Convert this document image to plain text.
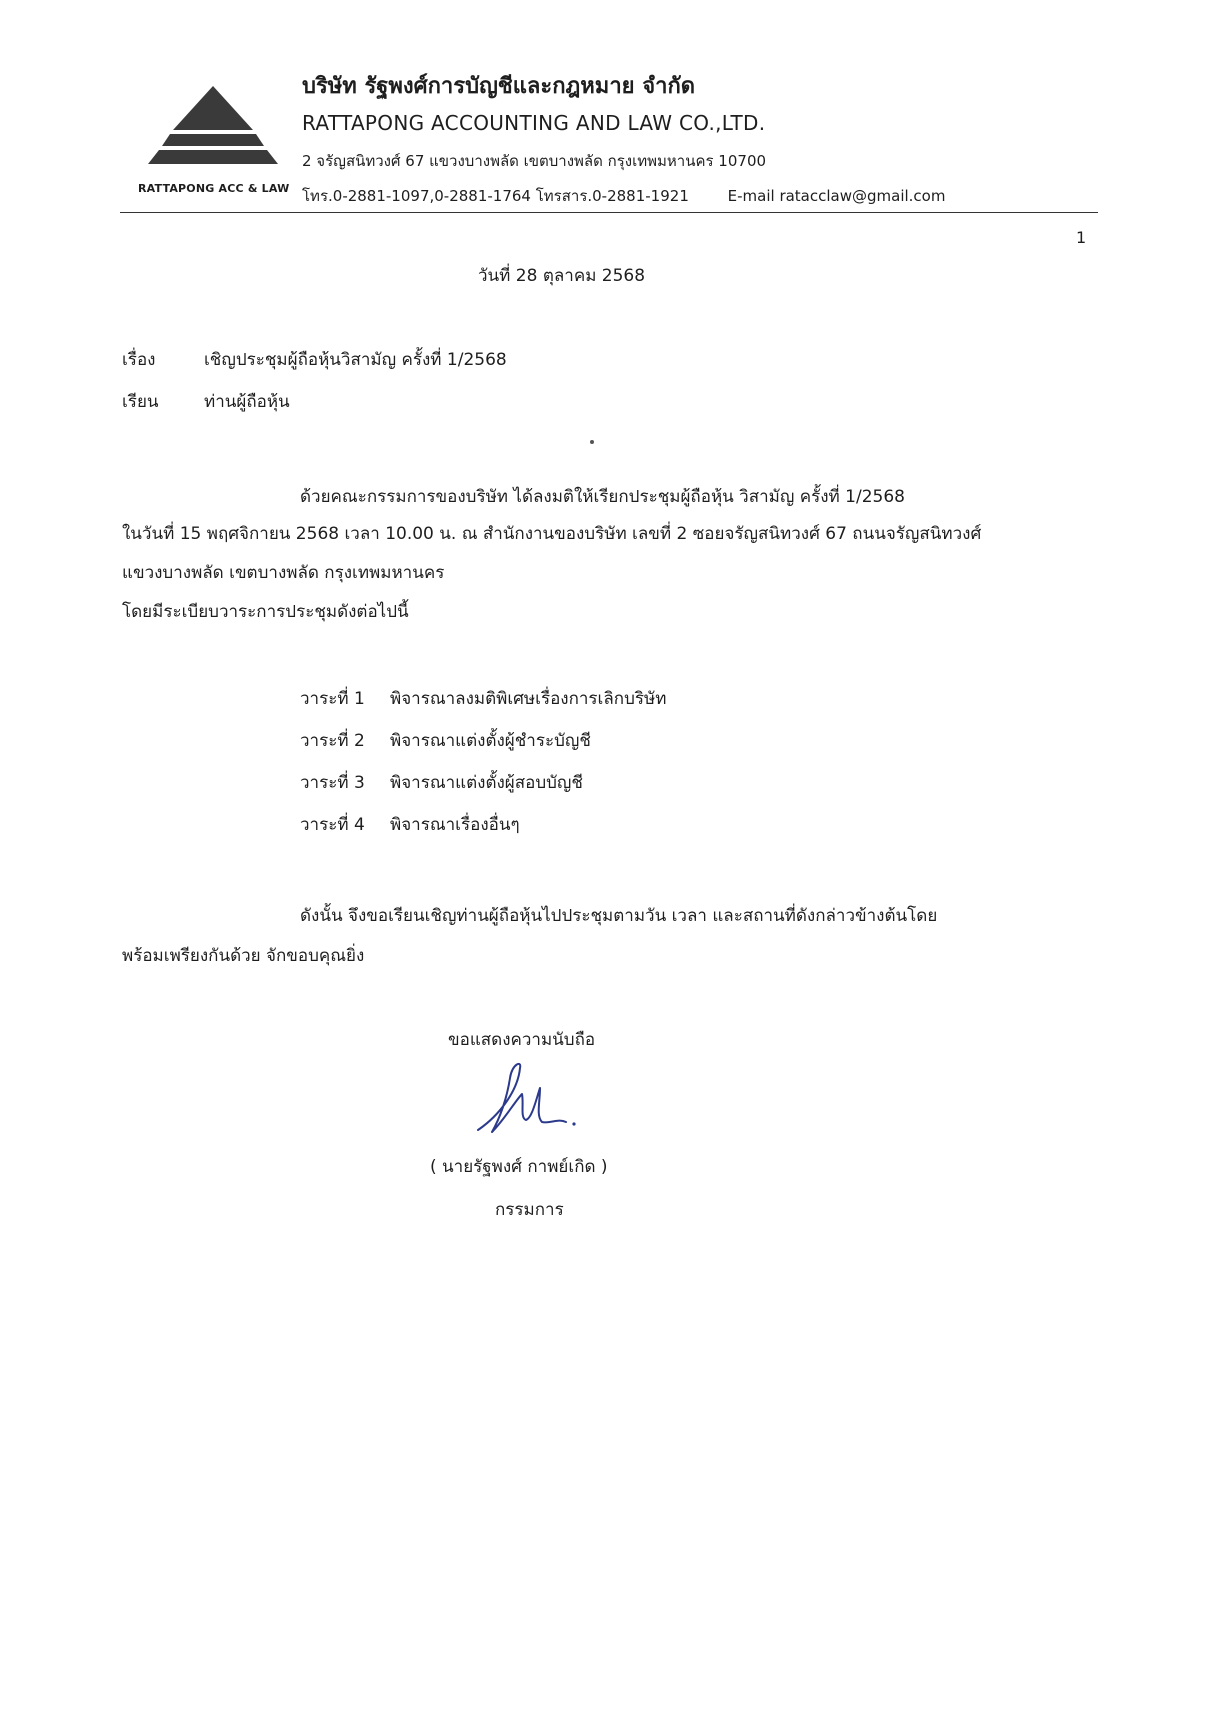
RATTAPONG ACC & LAW
บริษัท รัฐพงศ์การบัญชีและกฎหมาย จำกัด
RATTAPONG ACCOUNTING AND LAW CO.,LTD.
2 จรัญสนิทวงศ์ 67 แขวงบางพลัด เขตบางพลัด กรุงเทพมหานคร 10700
โทร.0-2881-1097,0-2881-1764 โทรสาร.0-2881-1921	E-mail ratacclaw@gmail.com
1
วันที่ 28 ตุลาคม 2568
เรื่อง	เชิญประชุมผู้ถือหุ้นวิสามัญ ครั้งที่ 1/2568
เรียน	ท่านผู้ถือหุ้น
ด้วยคณะกรรมการของบริษัท ได้ลงมติให้เรียกประชุมผู้ถือหุ้น วิสามัญ ครั้งที่ 1/2568
ในวันที่ 15 พฤศจิกายน 2568 เวลา 10.00 น. ณ สำนักงานของบริษัท เลขที่ 2 ซอยจรัญสนิทวงศ์ 67 ถนนจรัญสนิทวงศ์
แขวงบางพลัด เขตบางพลัด กรุงเทพมหานคร
โดยมีระเบียบวาระการประชุมดังต่อไปนี้
วาระที่ 1 พิจารณาลงมติพิเศษเรื่องการเลิกบริษัท
วาระที่ 2 พิจารณาแต่งตั้งผู้ชำระบัญชี
วาระที่ 3 พิจารณาแต่งตั้งผู้สอบบัญชี
วาระที่ 4 พิจารณาเรื่องอื่นๆ
ดังนั้น จึงขอเรียนเชิญท่านผู้ถือหุ้นไปประชุมตามวัน เวลา และสถานที่ดังกล่าวข้างต้นโดย
พร้อมเพรียงกันด้วย จักขอบคุณยิ่ง
ขอแสดงความนับถือ
( นายรัฐพงศ์ กาพย์เกิด )
กรรมการ
